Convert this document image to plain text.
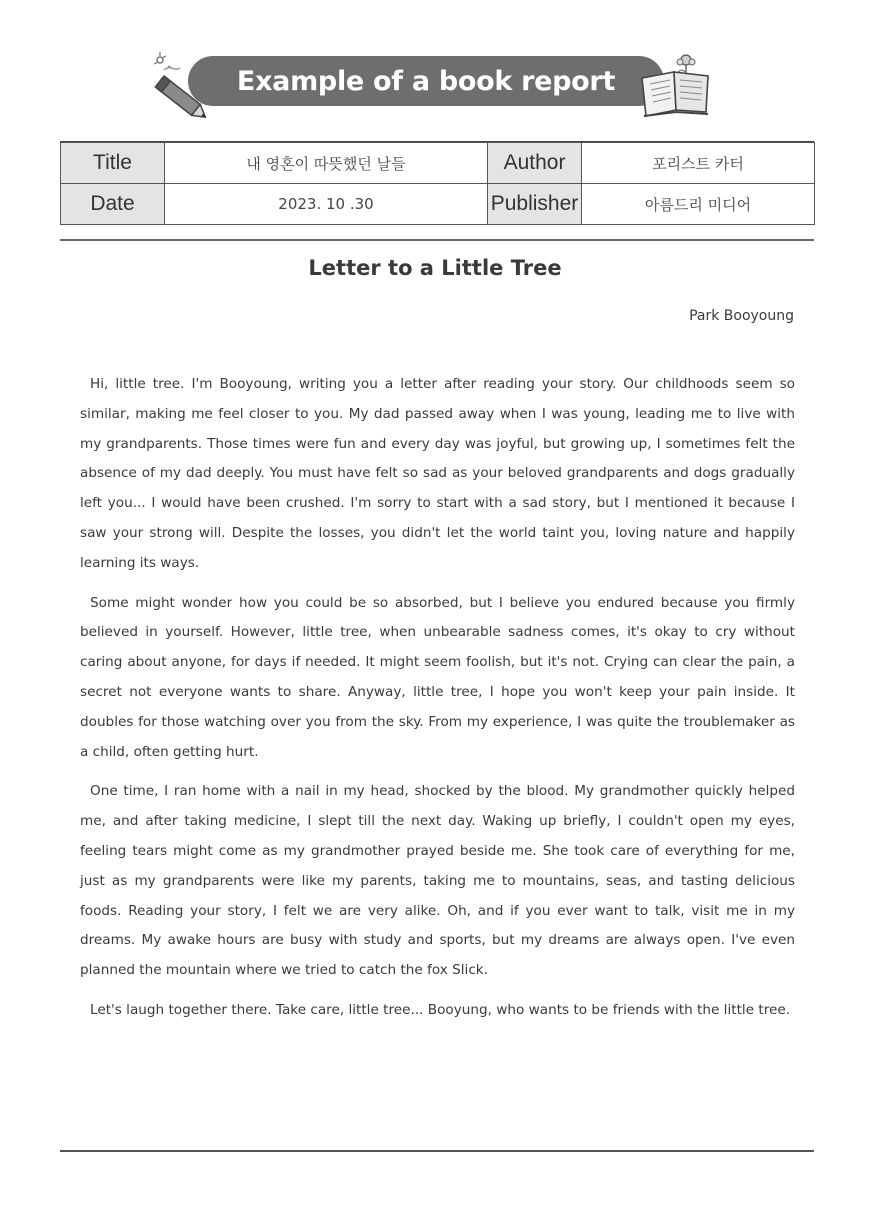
Example of a book report
Title	내 영혼이 따뜻했던 날들	Author	포리스트 카터
Date	2023. 10 .30	Publisher	아름드리 미디어
Letter to a Little Tree
Park Booyoung

Hi, little tree. I'm Booyoung, writing you a letter after reading your story. Our childhoods seem so similar, making me feel closer to you. My dad passed away when I was young, leading me to live with my grandparents. Those times were fun and every day was joyful, but growing up, I sometimes felt the absence of my dad deeply. You must have felt so sad as your beloved grandparents and dogs gradually left you... I would have been crushed. I'm sorry to start with a sad story, but I mentioned it because I saw your strong will. Despite the losses, you didn't let the world taint you, loving nature and happily learning its ways.

Some might wonder how you could be so absorbed, but I believe you endured because you firmly believed in yourself. However, little tree, when unbearable sadness comes, it's okay to cry without caring about anyone, for days if needed. It might seem foolish, but it's not. Crying can clear the pain, a secret not everyone wants to share. Anyway, little tree, I hope you won't keep your pain inside. It doubles for those watching over you from the sky. From my experience, I was quite the troublemaker as a child, often getting hurt.

One time, I ran home with a nail in my head, shocked by the blood. My grandmother quickly helped me, and after taking medicine, I slept till the next day. Waking up briefly, I couldn't open my eyes, feeling tears might come as my grandmother prayed beside me. She took care of everything for me, just as my grandparents were like my parents, taking me to mountains, seas, and tasting delicious foods. Reading your story, I felt we are very alike. Oh, and if you ever want to talk, visit me in my dreams. My awake hours are busy with study and sports, but my dreams are always open. I've even planned the mountain where we tried to catch the fox Slick.

Let's laugh together there. Take care, little tree... Booyung, who wants to be friends with the little tree.
